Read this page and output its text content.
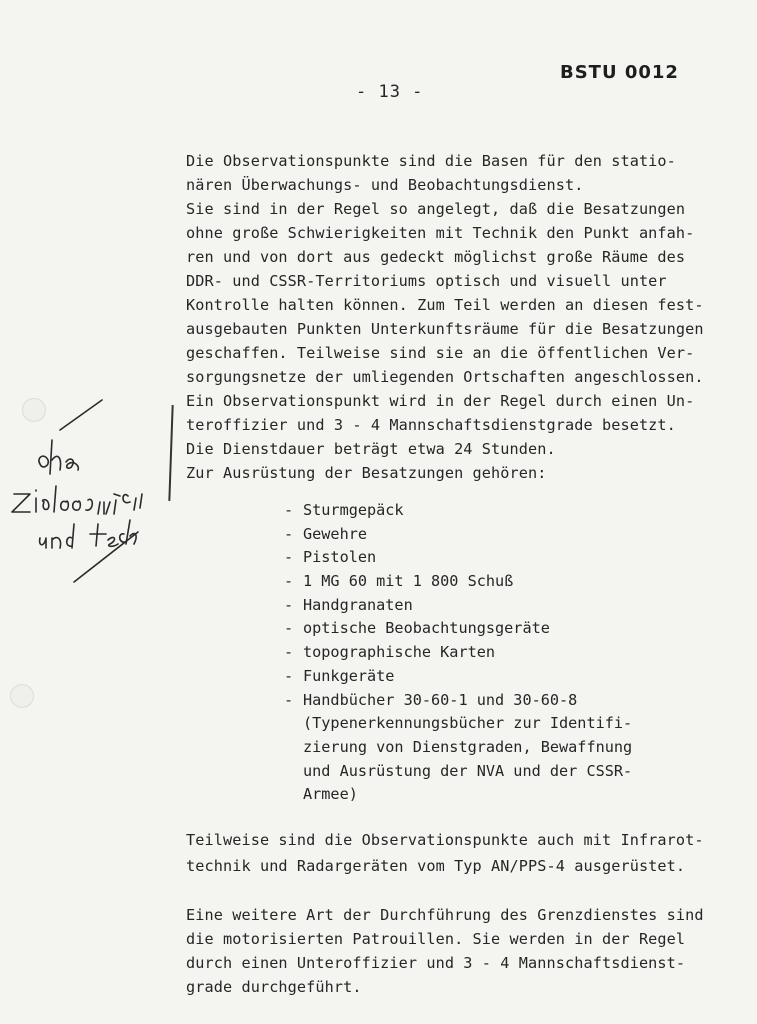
BSTU 0012
- 13 -
Die Observationspunkte sind die Basen für den statio-
nären Überwachungs- und Beobachtungsdienst.
Sie sind in der Regel so angelegt, daß die Besatzungen
ohne große Schwierigkeiten mit Technik den Punkt anfah-
ren und von dort aus gedeckt möglichst große Räume des
DDR- und CSSR-Territoriums optisch und visuell unter
Kontrolle halten können. Zum Teil werden an diesen fest-
ausgebauten Punkten Unterkunftsräume für die Besatzungen
geschaffen. Teilweise sind sie an die öffentlichen Ver-
sorgungsnetze der umliegenden Ortschaften angeschlossen.
Ein Observationspunkt wird in der Regel durch einen Un-
teroffizier und 3 - 4 Mannschaftsdienstgrade besetzt.
Die Dienstdauer beträgt etwa 24 Stunden.
Zur Ausrüstung der Besatzungen gehören:
- Sturmgepäck
- Gewehre
- Pistolen
- 1 MG 60 mit 1 800 Schuß
- Handgranaten
- optische Beobachtungsgeräte
- topographische Karten
- Funkgeräte
- Handbücher 30-60-1 und 30-60-8
(Typenerkennungsbücher zur Identifi-
zierung von Dienstgraden, Bewaffnung
und Ausrüstung der NVA und der CSSR-
Armee)
Teilweise sind die Observationspunkte auch mit Infrarot-
technik und Radargeräten vom Typ AN/PPS-4 ausgerüstet.
Eine weitere Art der Durchführung des Grenzdienstes sind
die motorisierten Patrouillen. Sie werden in der Regel
durch einen Unteroffizier und 3 - 4 Mannschaftsdienst-
grade durchgeführt.
